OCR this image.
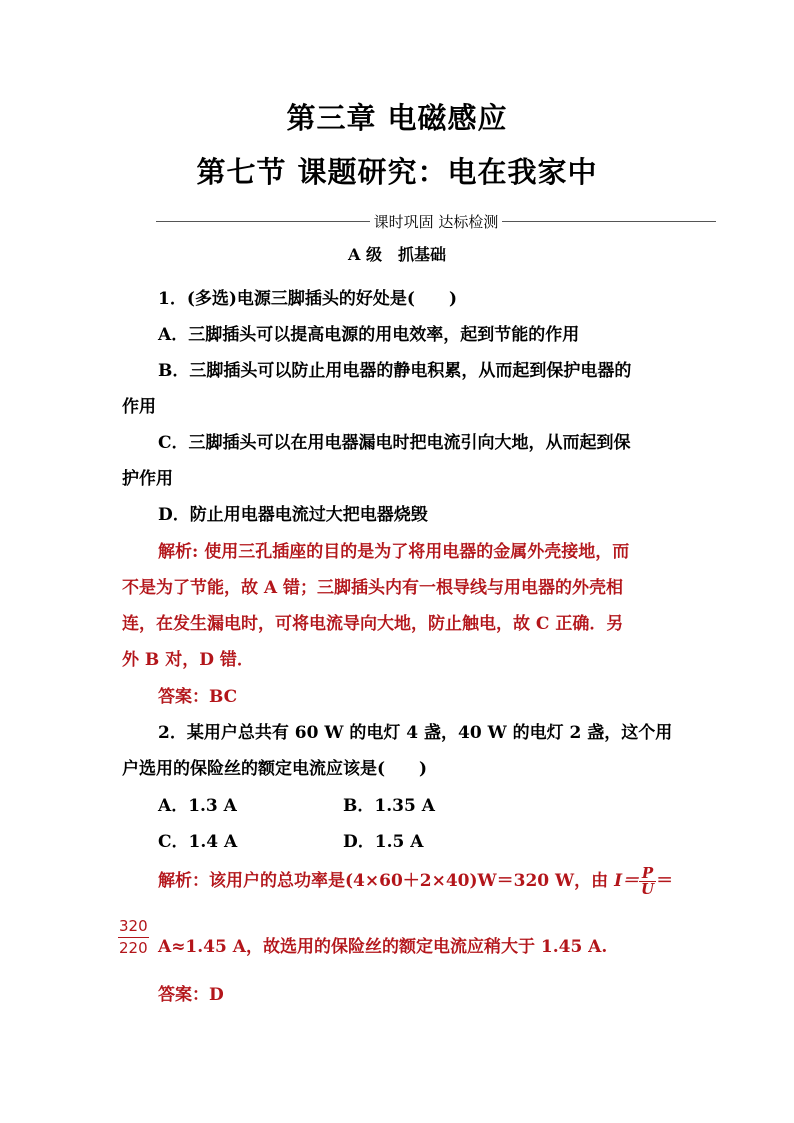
第三章 电磁感应
第七节 课题研究：电在我家中
课时巩固 达标检测
A 级　抓基础
1．(多选)电源三脚插头的好处是(　　)
A．三脚插头可以提高电源的用电效率，起到节能的作用
B．三脚插头可以防止用电器的静电积累，从而起到保护电器的
作用
C．三脚插头可以在用电器漏电时把电流引向大地，从而起到保
护作用
D．防止用电器电流过大把电器烧毁
解析: 使用三孔插座的目的是为了将用电器的金属外壳接地，而
不是为了节能，故 A 错；三脚插头内有一根导线与用电器的外壳相
连，在发生漏电时，可将电流导向大地，防止触电，故 C 正确．另
外 B 对，D 错．
答案：BC
2．某用户总共有 60 W 的电灯 4 盏，40 W 的电灯 2 盏，这个用
户选用的保险丝的额定电流应该是(　　)
A．1.3 A	B．1.35 A
C．1.4 A	D．1.5 A
解析：该用户的总功率是(4×60＋2×40)W＝320 W，由 $I= \frac{P}{U}$ ＝
$\frac{320}{220} A\approx 1.45$ A，故选用的保险丝的额定电流应稍大于 1.45 A.
答案：D
